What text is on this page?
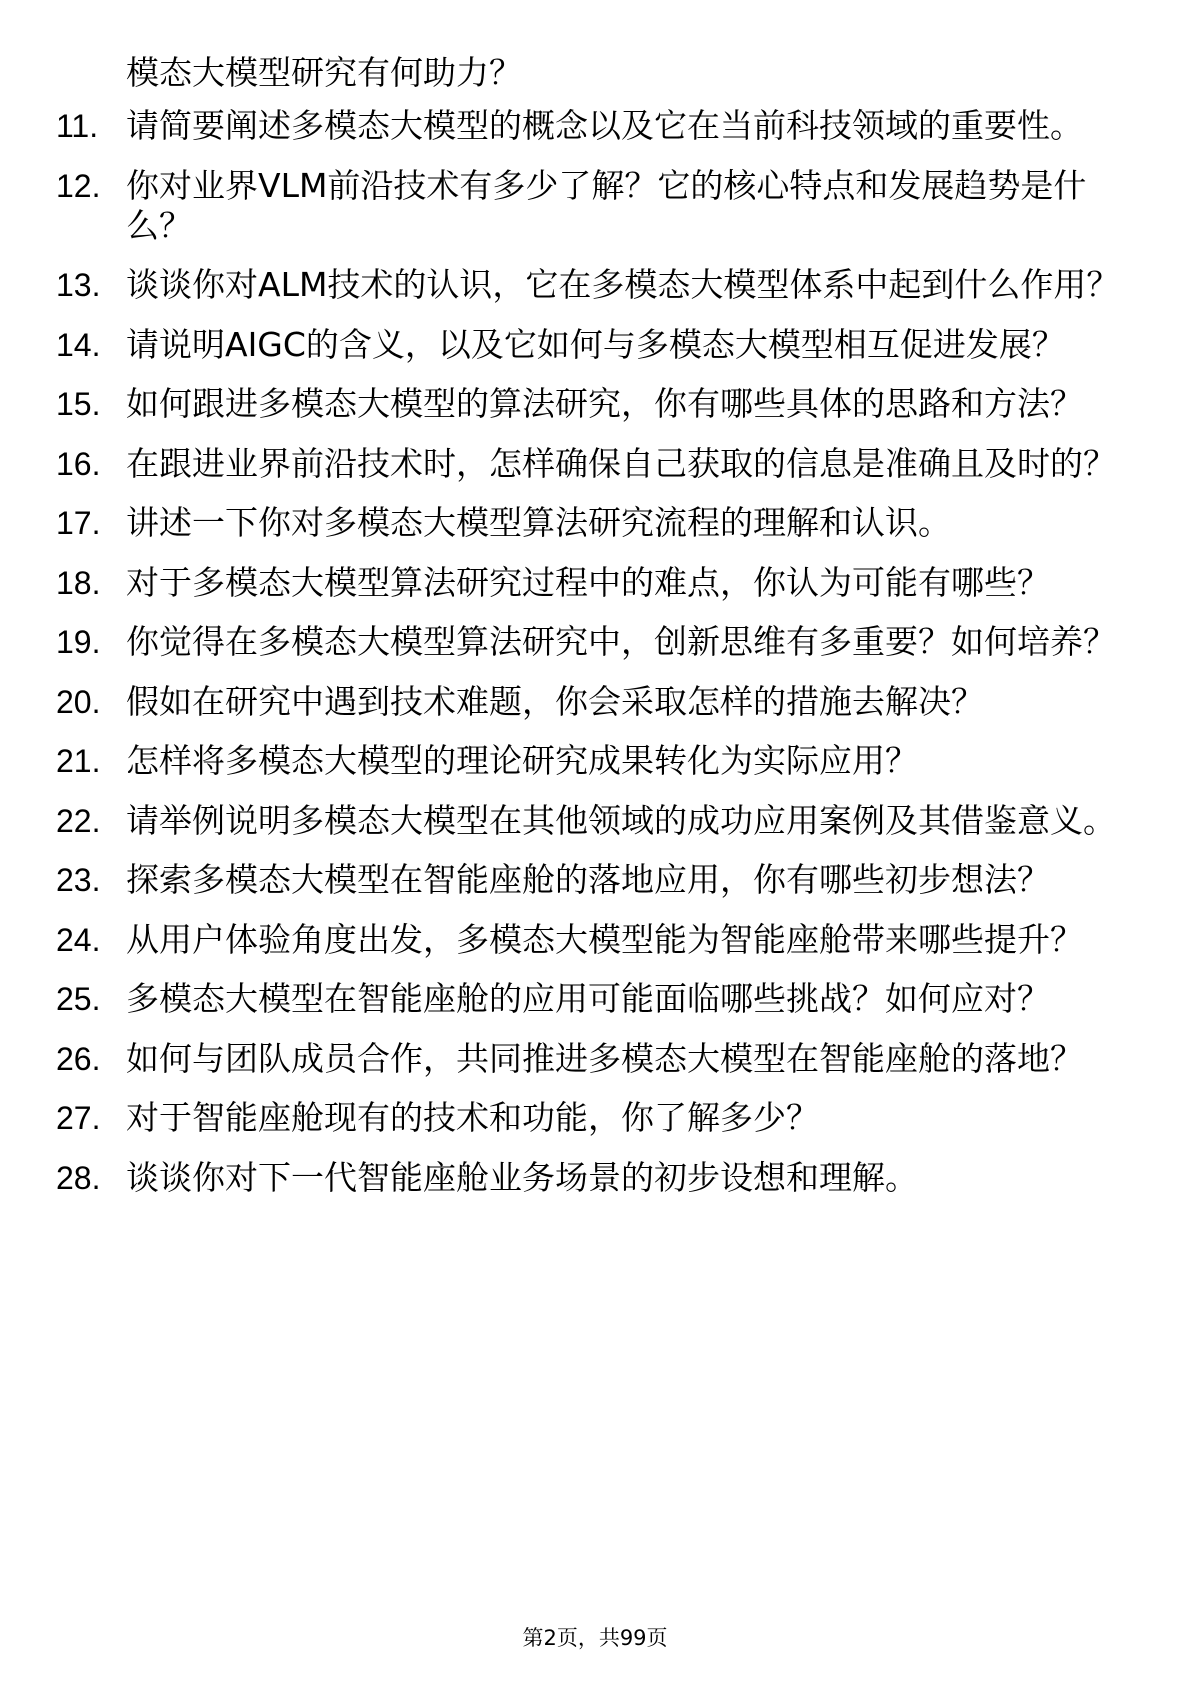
模态大模型研究有何助力？

11. 请简要阐述多模态大模型的概念以及它在当前科技领域的重要性。
12. 你对业界VLM前沿技术有多少了解？它的核心特点和发展趋势是什么？
13. 谈谈你对ALM技术的认识，它在多模态大模型体系中起到什么作用？
14. 请说明AIGC的含义，以及它如何与多模态大模型相互促进发展？
15. 如何跟进多模态大模型的算法研究，你有哪些具体的思路和方法？
16. 在跟进业界前沿技术时，怎样确保自己获取的信息是准确且及时的？
17. 讲述一下你对多模态大模型算法研究流程的理解和认识。
18. 对于多模态大模型算法研究过程中的难点，你认为可能有哪些？
19. 你觉得在多模态大模型算法研究中，创新思维有多重要？如何培养？
20. 假如在研究中遇到技术难题，你会采取怎样的措施去解决？
21. 怎样将多模态大模型的理论研究成果转化为实际应用？
22. 请举例说明多模态大模型在其他领域的成功应用案例及其借鉴意义。
23. 探索多模态大模型在智能座舱的落地应用，你有哪些初步想法？
24. 从用户体验角度出发，多模态大模型能为智能座舱带来哪些提升？
25. 多模态大模型在智能座舱的应用可能面临哪些挑战？如何应对？
26. 如何与团队成员合作，共同推进多模态大模型在智能座舱的落地？
27. 对于智能座舱现有的技术和功能，你了解多少？
28. 谈谈你对下一代智能座舱业务场景的初步设想和理解。
第2页，共99页
